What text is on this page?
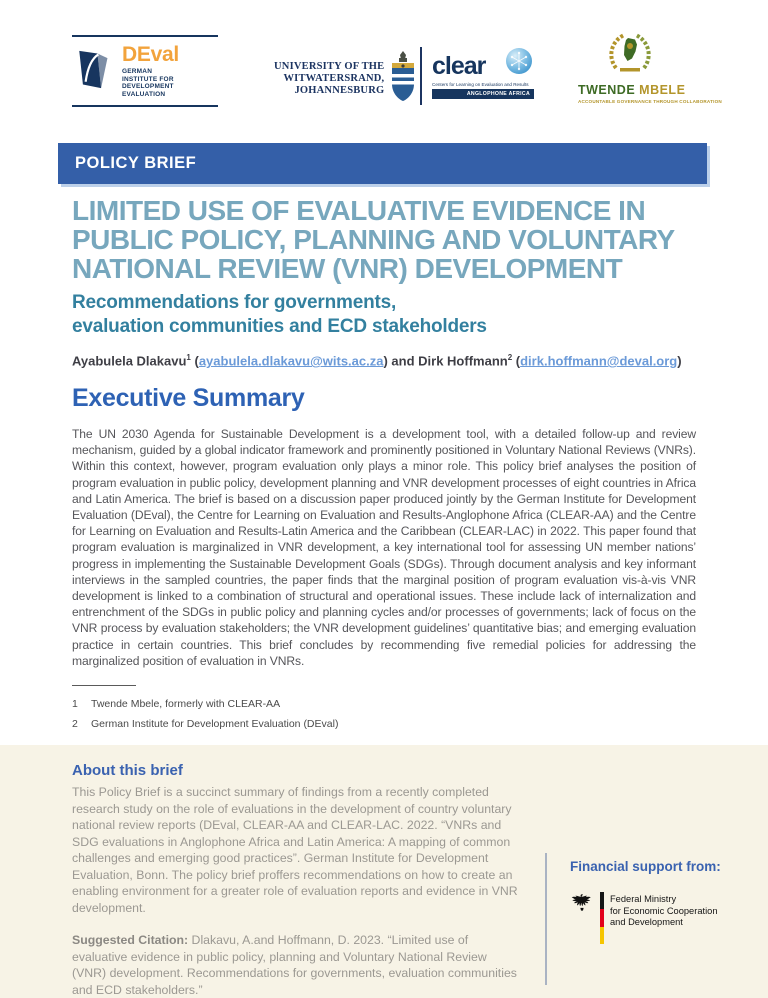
DEval
GERMAN
INSTITUTE FOR
DEVELOPMENT
EVALUATION
UNIVERSITY OF THE
WITWATERSRAND,
JOHANNESBURG
clear
Centers for Learning on Evaluation and Results
ANGLOPHONE AFRICA	TWENDE MBELE
ACCOUNTABLE GOVERNANCE THROUGH COLLABORATION
POLICY BRIEF
LIMITED USE OF EVALUATIVE EVIDENCE IN
PUBLIC POLICY, PLANNING AND VOLUNTARY
NATIONAL REVIEW (VNR) DEVELOPMENT
Recommendations for governments,
evaluation communities and ECD stakeholders
Ayabulela Dlakavu$^1$ (ayabulela.dlakavu@wits.ac.za) and Dirk Hoffmann$^2$ (dirk.hoffmann@deval.org)
Executive Summary

The UN 2030 Agenda for Sustainable Development is a development tool, with a detailed follow-up and review mechanism, guided by a global indicator framework and prominently positioned in Voluntary National Reviews (VNRs). Within this context, however, program evaluation only plays a minor role. This policy brief analyses the position of program evaluation in public policy, development planning and VNR development processes of eight countries in Africa and Latin America. The brief is based on a discussion paper produced jointly by the German Institute for Development Evaluation (DEval), the Centre for Learning on Evaluation and Results-Anglophone Africa (CLEAR-AA) and the Centre for Learning on Evaluation and Results-Latin America and the Caribbean (CLEAR-LAC) in 2022. This paper found that program evaluation is marginalized in VNR development, a key international tool for assessing UN member nations’ progress in implementing the Sustainable Development Goals (SDGs). Through document analysis and key informant interviews in the sampled countries, the paper finds that the marginal position of program evaluation vis-à-vis VNR development is linked to a combination of structural and operational issues. These include lack of internalization and entrenchment of the SDGs in public policy and planning cycles and/or processes of governments; lack of focus on the VNR process by evaluation stakeholders; the VNR development guidelines’ quantitative bias; and emerging evaluation practice in certain countries. This brief concludes by recommending five remedial policies for addressing the marginalized position of evaluation in VNRs.

1 Twende Mbele, formerly with CLEAR-AA
2 German Institute for Development Evaluation (DEval)
About this brief
This Policy Brief is a succinct summary of findings from a recently completed research study on the role of evaluations in the development of country voluntary national review reports (DEval, CLEAR-AA and CLEAR-LAC. 2022. “VNRs and SDG evaluations in Anglophone Africa and Latin America: A mapping of common challenges and emerging good practices”. German Institute for Development Evaluation, Bonn. The policy brief proffers recommendations on how to create an enabling environment for a greater role of evaluation reports and evidence in VNR development.
Suggested Citation: Dlakavu, A.and Hoffmann, D. 2023. “Limited use of evaluative evidence in public policy, planning and Voluntary National Review (VNR) development. Recommendations for governments, evaluation communities and ECD stakeholders.”
Financial support from:
Federal Ministry
for Economic Cooperation
and Development
